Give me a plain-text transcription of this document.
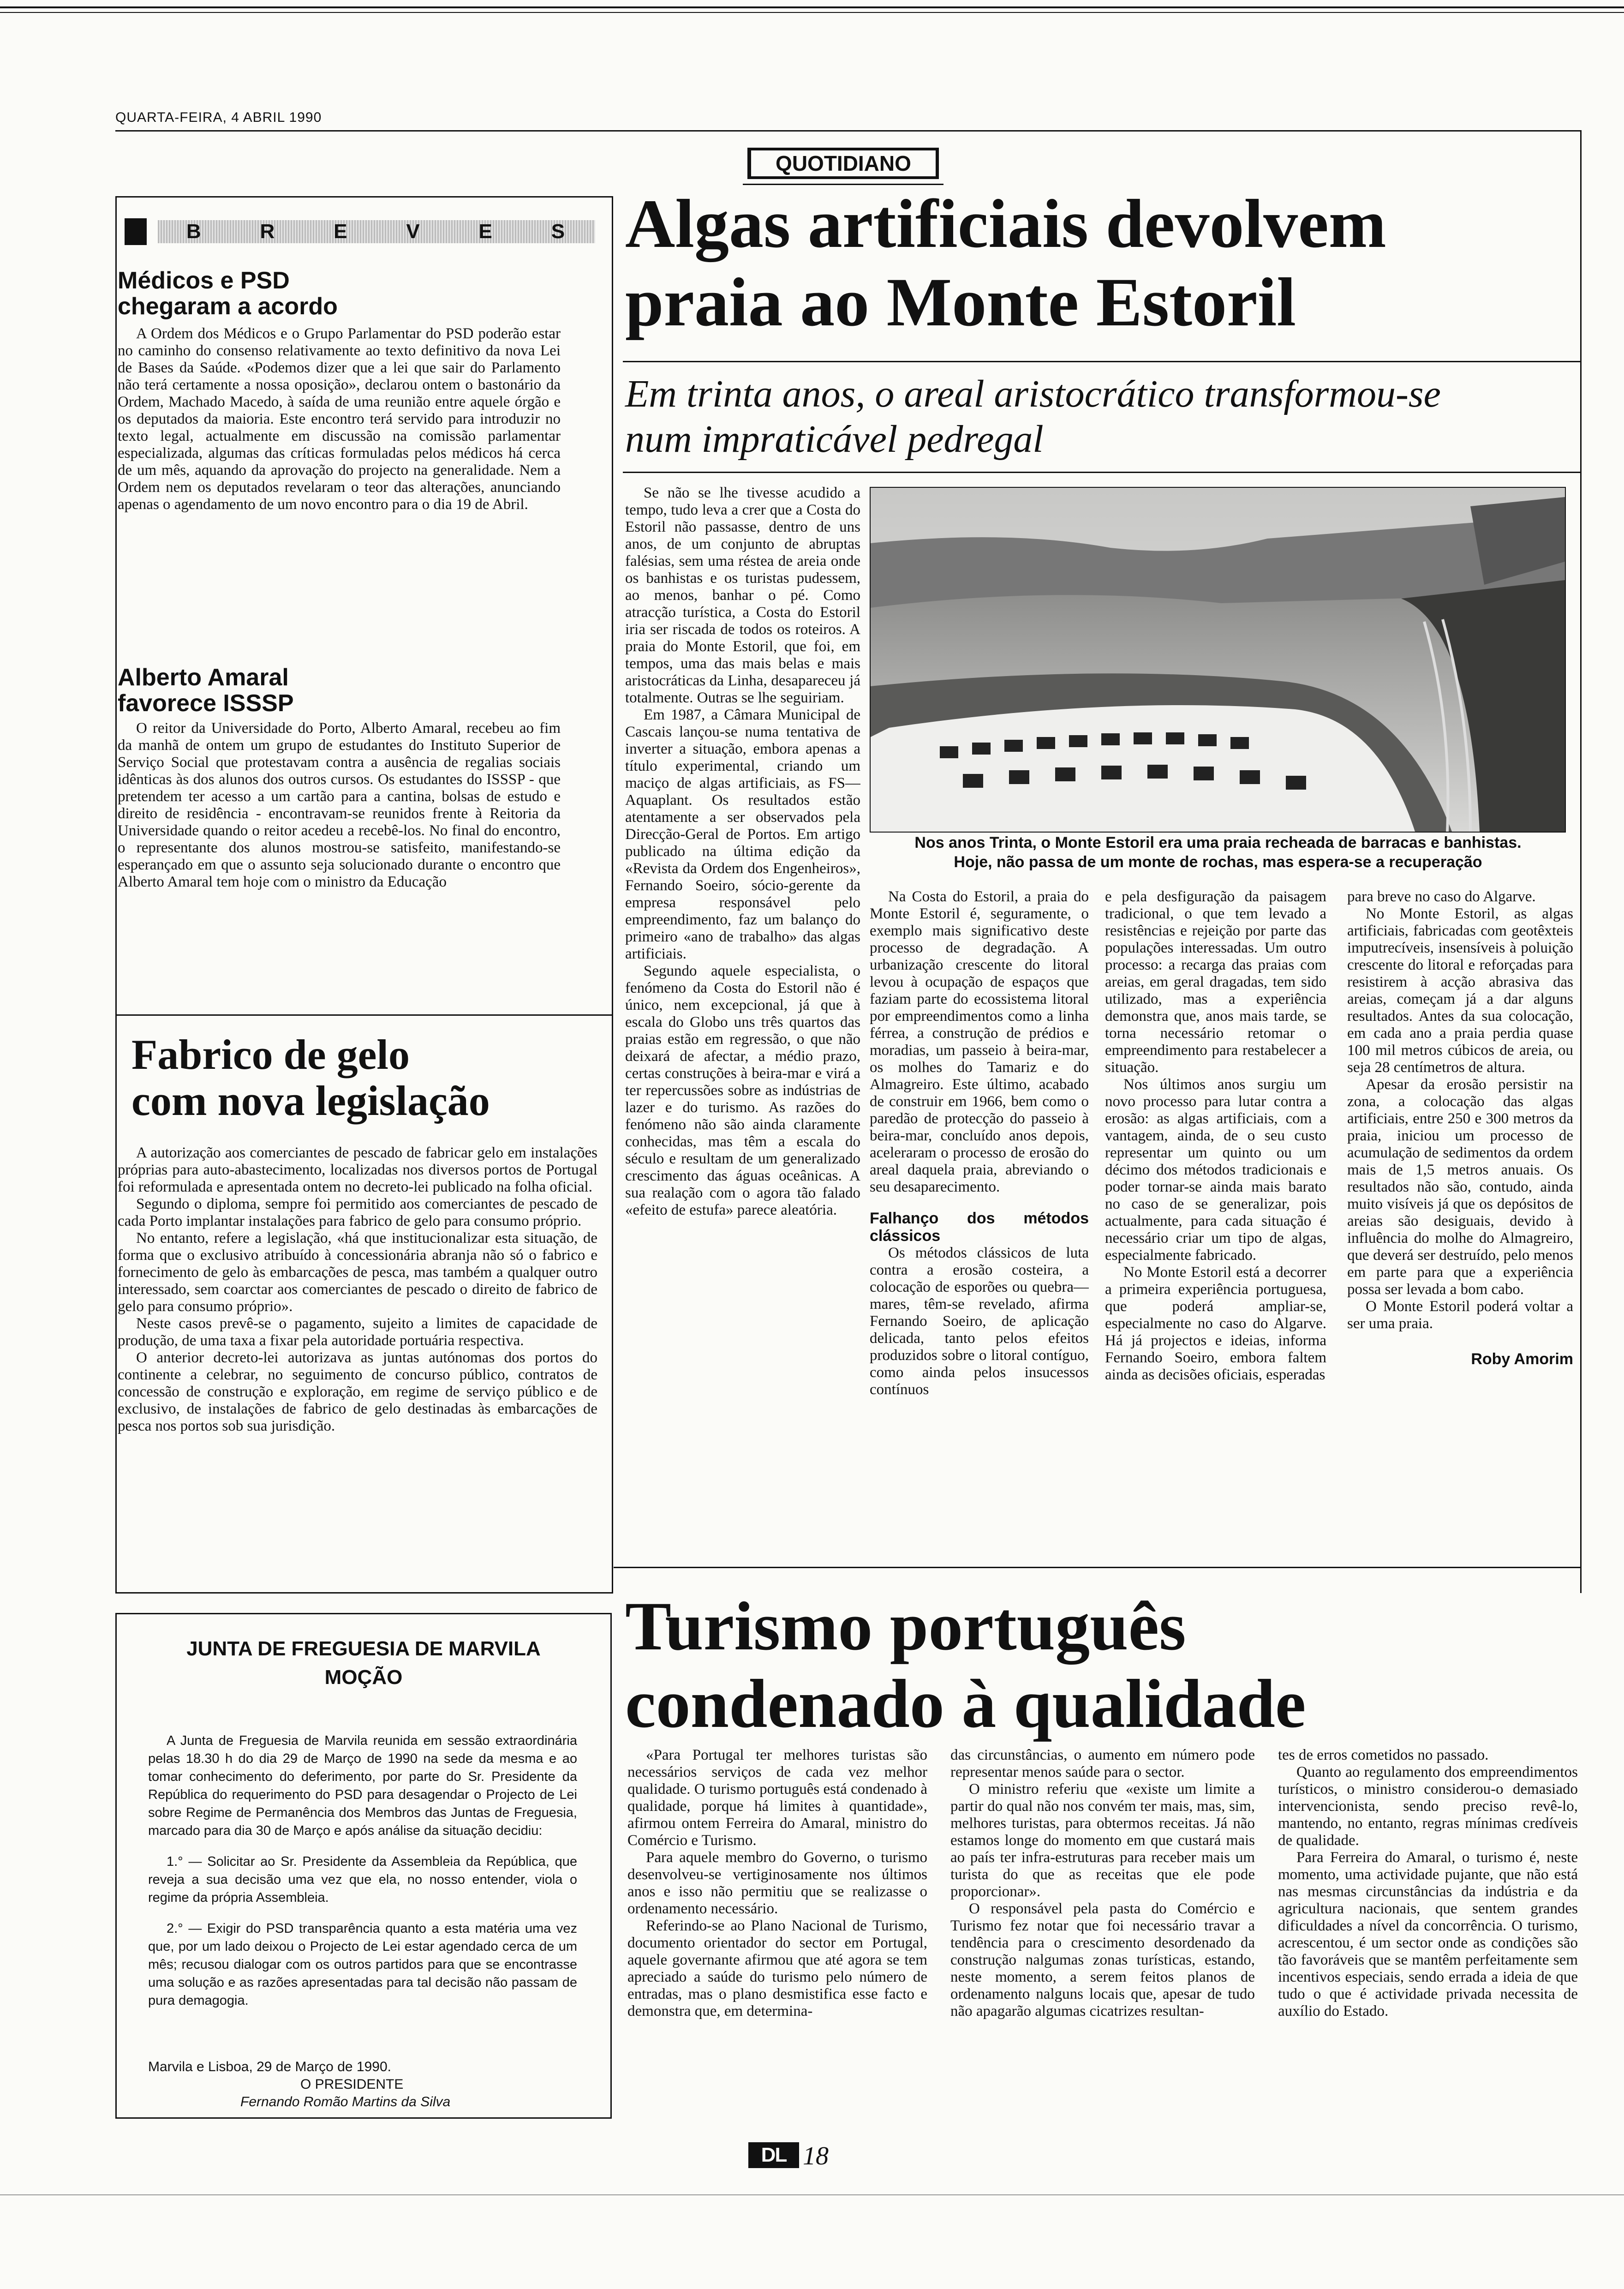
QUARTA-FEIRA, 4 ABRIL 1990
QUOTIDIANO
B	R	E	V	E	S
Médicos e PSD chegaram a acordo

A Ordem dos Médicos e o Grupo Parlamentar do PSD poderão estar no caminho do consenso relativamente ao texto definitivo da nova Lei de Bases da Saúde. «Podemos dizer que a lei que sair do Parlamento não terá certamente a nossa oposição», declarou ontem o bastonário da Ordem, Machado Macedo, à saída de uma reunião entre aquele órgão e os deputados da maioria. Este encontro terá servido para introduzir no texto legal, actualmente em discussão na comissão parlamentar especializada, algumas das críticas formuladas pelos médicos há cerca de um mês, aquando da aprovação do projecto na generalidade. Nem a Ordem nem os deputados revelaram o teor das alterações, anunciando apenas o agendamento de um novo encontro para o dia 19 de Abril.

Alberto Amaral favorece ISSSP

O reitor da Universidade do Porto, Alberto Amaral, recebeu ao fim da manhã de ontem um grupo de estudantes do Instituto Superior de Serviço Social que protestavam contra a ausência de regalias sociais idênticas às dos alunos dos outros cursos. Os estudantes do ISSSP - que pretendem ter acesso a um cartão para a cantina, bolsas de estudo e direito de residência - encontravam-se reunidos frente à Reitoria da Universidade quando o reitor acedeu a recebê-los. No final do encontro, o representante dos alunos mostrou-se satisfeito, manifestando-se esperançado em que o assunto seja solucionado durante o encontro que Alberto Amaral tem hoje com o ministro da Educação

Fabrico de gelo
com nova legislação

A autorização aos comerciantes de pescado de fabricar gelo em instalações próprias para auto-abastecimento, localizadas nos diversos portos de Portugal foi reformulada e apresentada ontem no decreto-lei publicado na folha oficial.

Segundo o diploma, sempre foi permitido aos comerciantes de pescado de cada Porto implantar instalações para fabrico de gelo para consumo próprio.

No entanto, refere a legislação, «há que institucionalizar esta situação, de forma que o exclusivo atribuído à concessionária abranja não só o fabrico e fornecimento de gelo às embarcações de pesca, mas também a qualquer outro interessado, sem coarctar aos comerciantes de pescado o direito de fabrico de gelo para consumo próprio».

Neste casos prevê-se o pagamento, sujeito a limites de capacidade de produção, de uma taxa a fixar pela autoridade portuária respectiva.

O anterior decreto-lei autorizava as juntas autónomas dos portos do continente a celebrar, no seguimento de concurso público, contratos de concessão de construção e exploração, em regime de serviço público e de exclusivo, de instalações de fabrico de gelo destinadas às embarcações de pesca nos portos sob sua jurisdição.

JUNTA DE FREGUESIA DE MARVILA
MOÇÃO

A Junta de Freguesia de Marvila reunida em sessão extraordinária pelas 18.30 h do dia 29 de Março de 1990 na sede da mesma e ao tomar conhecimento do deferimento, por parte do Sr. Presidente da República do requerimento do PSD para desagendar o Projecto de Lei sobre Regime de Permanência dos Membros das Juntas de Freguesia, marcado para dia 30 de Março e após análise da situação decidiu:

1.° — Solicitar ao Sr. Presidente da Assembleia da República, que reveja a sua decisão uma vez que ela, no nosso entender, viola o regime da própria Assembleia.

2.° — Exigir do PSD transparência quanto a esta matéria uma vez que, por um lado deixou o Projecto de Lei estar agendado cerca de um mês; recusou dialogar com os outros partidos para que se encontrasse uma solução e as razões apresentadas para tal decisão não passam de pura demagogia.

Marvila e Lisboa, 29 de Março de 1990.
O PRESIDENTE
Fernando Romão Martins da Silva
Algas artificiais devolvem
praia ao Monte Estoril
Em trinta anos, o areal aristocrático transformou-se
num impraticável pedregal

Se não se lhe tivesse acudido a tempo, tudo leva a crer que a Costa do Estoril não passasse, dentro de uns anos, de um conjunto de abruptas falésias, sem uma réstea de areia onde os banhistas e os turistas pudessem, ao menos, banhar o pé. Como atracção turística, a Costa do Estoril iria ser riscada de todos os roteiros. A praia do Monte Estoril, que foi, em tempos, uma das mais belas e mais aristocráticas da Linha, desapareceu já totalmente. Outras se lhe seguiriam.

Em 1987, a Câmara Municipal de Cascais lançou-se numa tentativa de inverter a situação, embora apenas a título experimental, criando um maciço de algas artificiais, as FS—Aquaplant. Os resultados estão atentamente a ser observados pela Direcção-Geral de Portos. Em artigo publicado na última edição da «Revista da Ordem dos Engenheiros», Fernando Soeiro, sócio-gerente da empresa responsável pelo empreendimento, faz um balanço do primeiro «ano de trabalho» das algas artificiais.

Segundo aquele especialista, o fenómeno da Costa do Estoril não é único, nem excepcional, já que à escala do Globo uns três quartos das praias estão em regressão, o que não deixará de afectar, a médio prazo, certas construções à beira-mar e virá a ter repercussões sobre as indústrias de lazer e do turismo. As razões do fenómeno não são ainda claramente conhecidas, mas têm a escala do século e resultam de um generalizado crescimento das águas oceânicas. A sua realação com o agora tão falado «efeito de estufa» parece aleatória.

Nos anos Trinta, o Monte Estoril era uma praia recheada de barracas e banhistas.
Hoje, não passa de um monte de rochas, mas espera-se a recuperação

Na Costa do Estoril, a praia do Monte Estoril é, seguramente, o exemplo mais significativo deste processo de degradação. A urbanização crescente do litoral levou à ocupação de espaços que faziam parte do ecossistema litoral por empreendimentos como a linha férrea, a construção de prédios e moradias, um passeio à beira-mar, os molhes do Tamariz e do Almagreiro. Este último, acabado de construir em 1966, bem como o paredão de protecção do passeio à beira-mar, concluído anos depois, aceleraram o processo de erosão do areal daquela praia, abreviando o seu desaparecimento.

Falhanço dos métodos clássicos

Os métodos clássicos de luta contra a erosão costeira, a colocação de esporões ou quebra—mares, têm-se revelado, afirma Fernando Soeiro, de aplicação delicada, tanto pelos efeitos produzidos sobre o litoral contíguo, como ainda pelos insucessos contínuos

e pela desfiguração da paisagem tradicional, o que tem levado a resistências e rejeição por parte das populações interessadas. Um outro processo: a recarga das praias com areias, em geral dragadas, tem sido utilizado, mas a experiência demonstra que, anos mais tarde, se torna necessário retomar o empreendimento para restabelecer a situação.

Nos últimos anos surgiu um novo processo para lutar contra a erosão: as algas artificiais, com a vantagem, ainda, de o seu custo representar um quinto ou um décimo dos métodos tradicionais e poder tornar-se ainda mais barato no caso de se generalizar, pois actualmente, para cada situação é necessário criar um tipo de algas, especialmente fabricado.

No Monte Estoril está a decorrer a primeira experiência portuguesa, que poderá ampliar-se, especialmente no caso do Algarve. Há já projectos e ideias, informa Fernando Soeiro, embora faltem ainda as decisões oficiais, esperadas

para breve no caso do Algarve.

No Monte Estoril, as algas artificiais, fabricadas com geotêxteis imputrecíveis, insensíveis à poluição crescente do litoral e reforçadas para resistirem à acção abrasiva das areias, começam já a dar alguns resultados. Antes da sua colocação, em cada ano a praia perdia quase 100 mil metros cúbicos de areia, ou seja 28 centímetros de altura.

Apesar da erosão persistir na zona, a colocação das algas artificiais, entre 250 e 300 metros da praia, iniciou um processo de acumulação de sedimentos da ordem mais de 1,5 metros anuais. Os resultados não são, contudo, ainda muito visíveis já que os depósitos de areias são desiguais, devido à influência do molhe do Almagreiro, que deverá ser destruído, pelo menos em parte para que a experiência possa ser levada a bom cabo.

O Monte Estoril poderá voltar a ser uma praia.

Roby Amorim

Turismo português
condenado à qualidade

«Para Portugal ter melhores turistas são necessários serviços de cada vez melhor qualidade. O turismo português está condenado à qualidade, porque há limites à quantidade», afirmou ontem Ferreira do Amaral, ministro do Comércio e Turismo.

Para aquele membro do Governo, o turismo desenvolveu-se vertiginosamente nos últimos anos e isso não permitiu que se realizasse o ordenamento necessário.

Referindo-se ao Plano Nacional de Turismo, documento orientador do sector em Portugal, aquele governante afirmou que até agora se tem apreciado a saúde do turismo pelo número de entradas, mas o plano desmistifica esse facto e demonstra que, em determina-

das circunstâncias, o aumento em número pode representar menos saúde para o sector.

O ministro referiu que «existe um limite a partir do qual não nos convém ter mais, mas, sim, melhores turistas, para obtermos receitas. Já não estamos longe do momento em que custará mais ao país ter infra-estruturas para receber mais um turista do que as receitas que ele pode proporcionar».

O responsável pela pasta do Comércio e Turismo fez notar que foi necessário travar a tendência para o crescimento desordenado da construção nalgumas zonas turísticas, estando, neste momento, a serem feitos planos de ordenamento nalguns locais que, apesar de tudo não apagarão algumas cicatrizes resultan-

tes de erros cometidos no passado.

Quanto ao regulamento dos empreendimentos turísticos, o ministro considerou-o demasiado intervencionista, sendo preciso revê-lo, mantendo, no entanto, regras mínimas credíveis de qualidade.

Para Ferreira do Amaral, o turismo é, neste momento, uma actividade pujante, que não está nas mesmas circunstâncias da indústria e da agricultura nacionais, que sentem grandes dificuldades a nível da concorrência. O turismo, acrescentou, é um sector onde as condições são tão favoráveis que se mantêm perfeitamente sem incentivos especiais, sendo errada a ideia de que tudo o que é actividade privada necessita de auxílio do Estado.

DL 18
